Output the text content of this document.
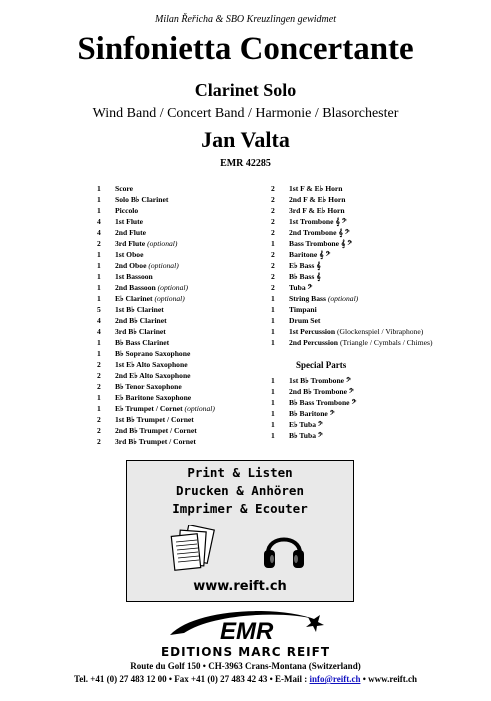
Milan Řeřicha & SBO Kreuzlingen gewidmet
Sinfonietta Concertante
Clarinet Solo
Wind Band / Concert Band / Harmonie / Blasorchester
Jan Valta
EMR 42285
1	Score
1	Solo B♭ Clarinet
1	Piccolo
4	1st Flute
4	2nd Flute
2	3rd Flute (optional)
1	1st Oboe
1	2nd Oboe (optional)
1	1st Bassoon
1	2nd Bassoon (optional)
1	E♭ Clarinet (optional)
5	1st B♭ Clarinet
4	2nd B♭ Clarinet
4	3rd B♭ Clarinet
1	B♭ Bass Clarinet
1	B♭ Soprano Saxophone
2	1st E♭ Alto Saxophone
2	2nd E♭ Alto Saxophone
2	B♭ Tenor Saxophone
1	E♭ Baritone Saxophone
1	E♭ Trumpet / Cornet (optional)
2	1st B♭ Trumpet / Cornet
2	2nd B♭ Trumpet / Cornet
2	3rd B♭ Trumpet / Cornet
2	1st F & E♭ Horn
2	2nd F & E♭ Horn
2	3rd F & E♭ Horn
2	1st Trombone 𝄞 𝄢
2	2nd Trombone 𝄞 𝄢
1	Bass Trombone 𝄞 𝄢
2	Baritone 𝄞 𝄢
2	E♭ Bass 𝄞
2	B♭ Bass 𝄞
2	Tuba 𝄢
1	String Bass (optional)
1	Timpani
1	Drum Set
1	1st Percussion (Glockenspiel / Vibraphone)
1	2nd Percussion (Triangle / Cymbals / Chimes)
Special Parts
1	1st B♭ Trombone 𝄢
1	2nd B♭ Trombone 𝄢
1	B♭ Bass Trombone 𝄢
1	B♭ Baritone 𝄢
1	E♭ Tuba 𝄢
1	B♭ Tuba 𝄢
Print & Listen
Drucken & Anhören
Imprimer & Ecouter
www.reift.ch
EMR
EDITIONS MARC REIFT
Route du Golf 150 • CH-3963 Crans-Montana (Switzerland)
Tel. +41 (0) 27 483 12 00 • Fax +41 (0) 27 483 42 43 • E-Mail : info@reift.ch • www.reift.ch
